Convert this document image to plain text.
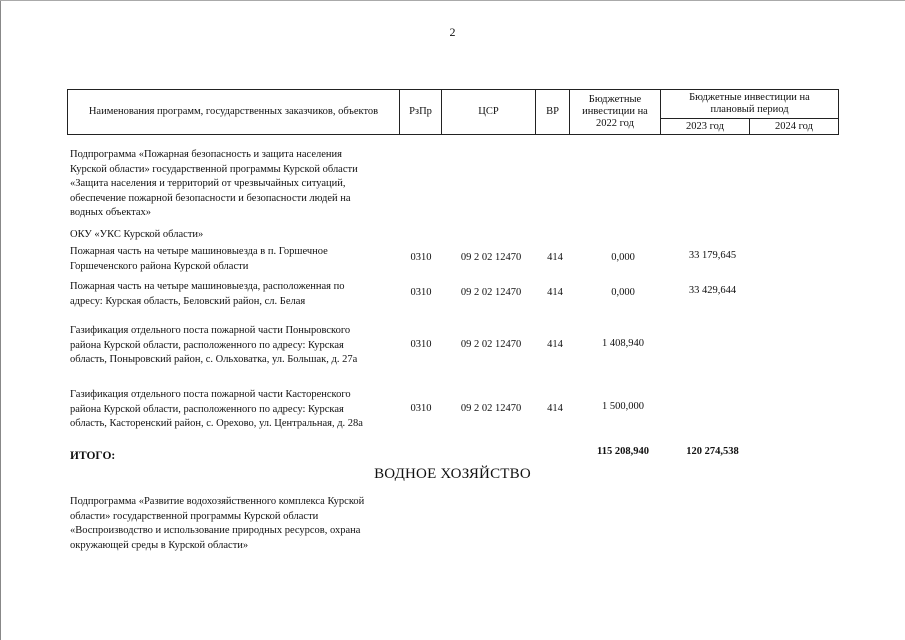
2
Наименования программ, государственных заказчиков, объектов	РзПр	ЦСР	ВР	Бюджетные инвестиции на 2022 год	Бюджетные инвестиции на плановый период	
					2023 год	2024 год
Подпрограмма «Пожарная безопасность и защита населения
Курской области» государственной программы Курской области
«Защита населения и территорий от чрезвычайных ситуаций,
обеспечение пожарной безопасности и безопасности людей на
водных объектах»
ОКУ «УКС Курской области»
Пожарная часть на четыре машиновыезда в п. Горшечное
Горшеченского района Курской области
0310	09 2 02 12470	414	0,000	33 179,645
Пожарная часть на четыре машиновыезда, расположенная по
адресу: Курская область, Беловский район, сл. Белая
0310	09 2 02 12470	414	0,000	33 429,644
Газификация отдельного поста пожарной части Поныровского
района Курской области, расположенного по адресу: Курская
область, Поныровский район, с. Ольховатка, ул. Большак, д. 27а
0310	09 2 02 12470	414	1 408,940
Газификация отдельного поста пожарной части Касторенского
района Курской области, расположенного по адресу: Курская
область, Касторенский район, с. Орехово, ул. Центральная, д. 28а
0310	09 2 02 12470	414	1 500,000
ИТОГО:	115 208,940	120 274,538
ВОДНОЕ ХОЗЯЙСТВО
Подпрограмма «Развитие водохозяйственного комплекса Курской
области» государственной программы Курской области
«Воспроизводство и использование природных ресурсов, охрана
окружающей среды в Курской области»
